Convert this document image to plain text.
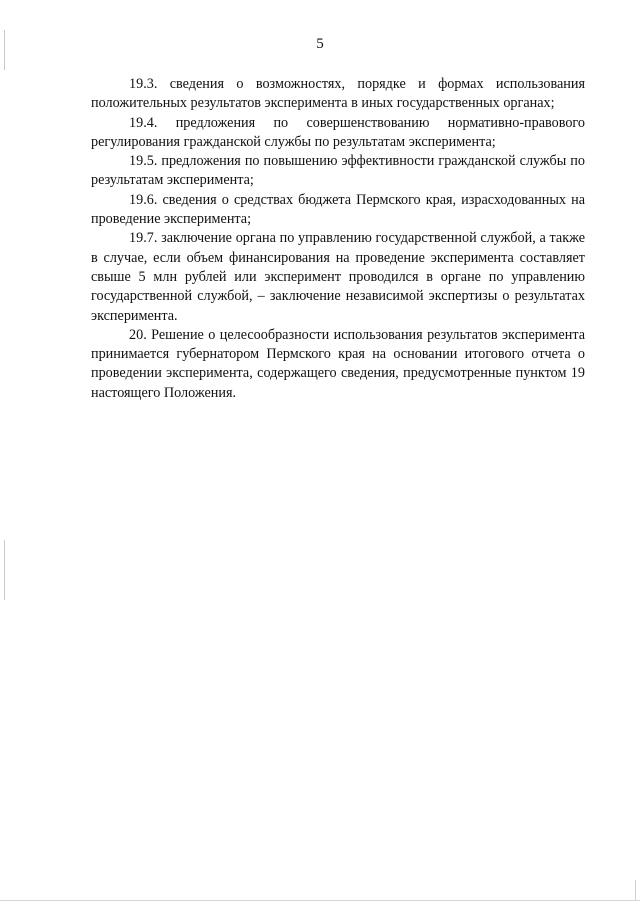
5

19.3. сведения о возможностях, порядке и формах использования положительных результатов эксперимента в иных государственных органах;

19.4. предложения по совершенствованию нормативно-правового регулирования гражданской службы по результатам эксперимента;

19.5. предложения по повышению эффективности гражданской службы по результатам эксперимента;

19.6. сведения о средствах бюджета Пермского края, израсходованных на проведение эксперимента;

19.7. заключение органа по управлению государственной службой, а также в случае, если объем финансирования на проведение эксперимента составляет свыше 5 млн рублей или эксперимент проводился в органе по управлению государственной службой, – заключение независимой экспертизы о результатах эксперимента.

20. Решение о целесообразности использования результатов эксперимента принимается губернатором Пермского края на основании итогового отчета о проведении эксперимента, содержащего сведения, предусмотренные пунктом 19 настоящего Положения.
